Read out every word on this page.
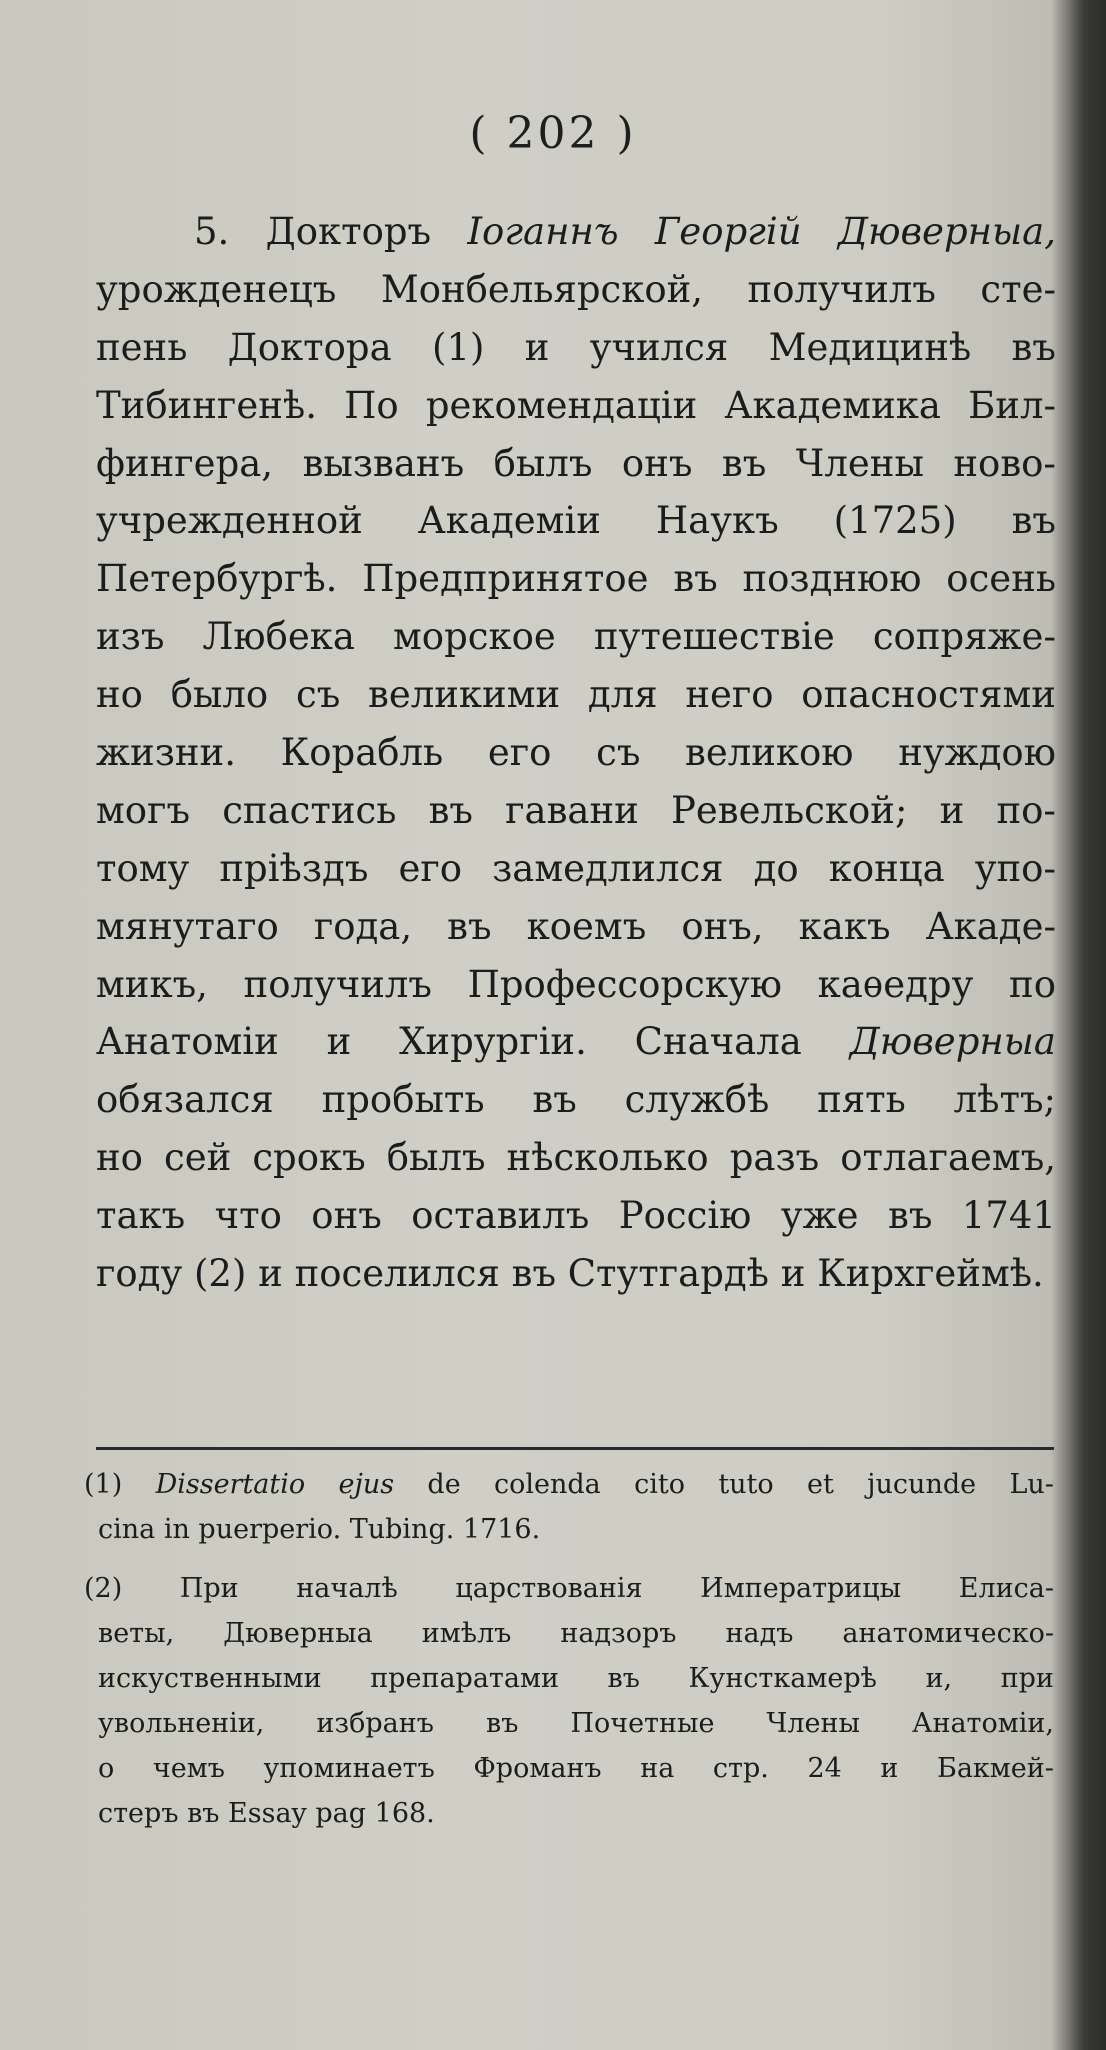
( 202 )
5. Докторъ Iоганнъ Георгiй Дюверныа,
урожденецъ Монбельярской, получилъ сте-
пень Доктора (1) и учился Медицинѣ въ
Тибингенѣ. По рекомендацiи Академика Бил-
фингера, вызванъ былъ онъ въ Члены ново-
учрежденной Академiи Наукъ (1725) въ
Петербургѣ. Предпринятое въ позднюю осень
изъ Любека морское путешествiе сопряже-
но было съ великими для него опасностями
жизни. Корабль его съ великою нуждою
могъ спастись въ гавани Ревельской; и по-
тому прiѣздъ его замедлился до конца упо-
мянутаго года, въ коемъ онъ, какъ Акаде-
микъ, получилъ Профессорскую каѳедру по
Анатомiи и Хирургiи. Сначала Дюверныа
обязался пробыть въ службѣ пять лѣтъ;
но сей срокъ былъ нѣсколько разъ отлагаемъ,
такъ что онъ оставилъ Россiю уже въ 1741
году (2) и поселился въ Стутгардѣ и Кирхгеймѣ.
(1) Dissertatio ejus de colenda cito tuto et jucunde Lu-
cina in puerperio. Tubing. 1716.
(2) При началѣ царствованiя Императрицы Елиса-
веты, Дюверныа имѣлъ надзоръ надъ анатомическо-
искуственными препаратами въ Кунсткамерѣ и, при
увольненiи, избранъ въ Почетные Члены Анатомiи,
о чемъ упоминаетъ Фроманъ на стр. 24 и Бакмей-
стеръ въ Essay pag 168.
